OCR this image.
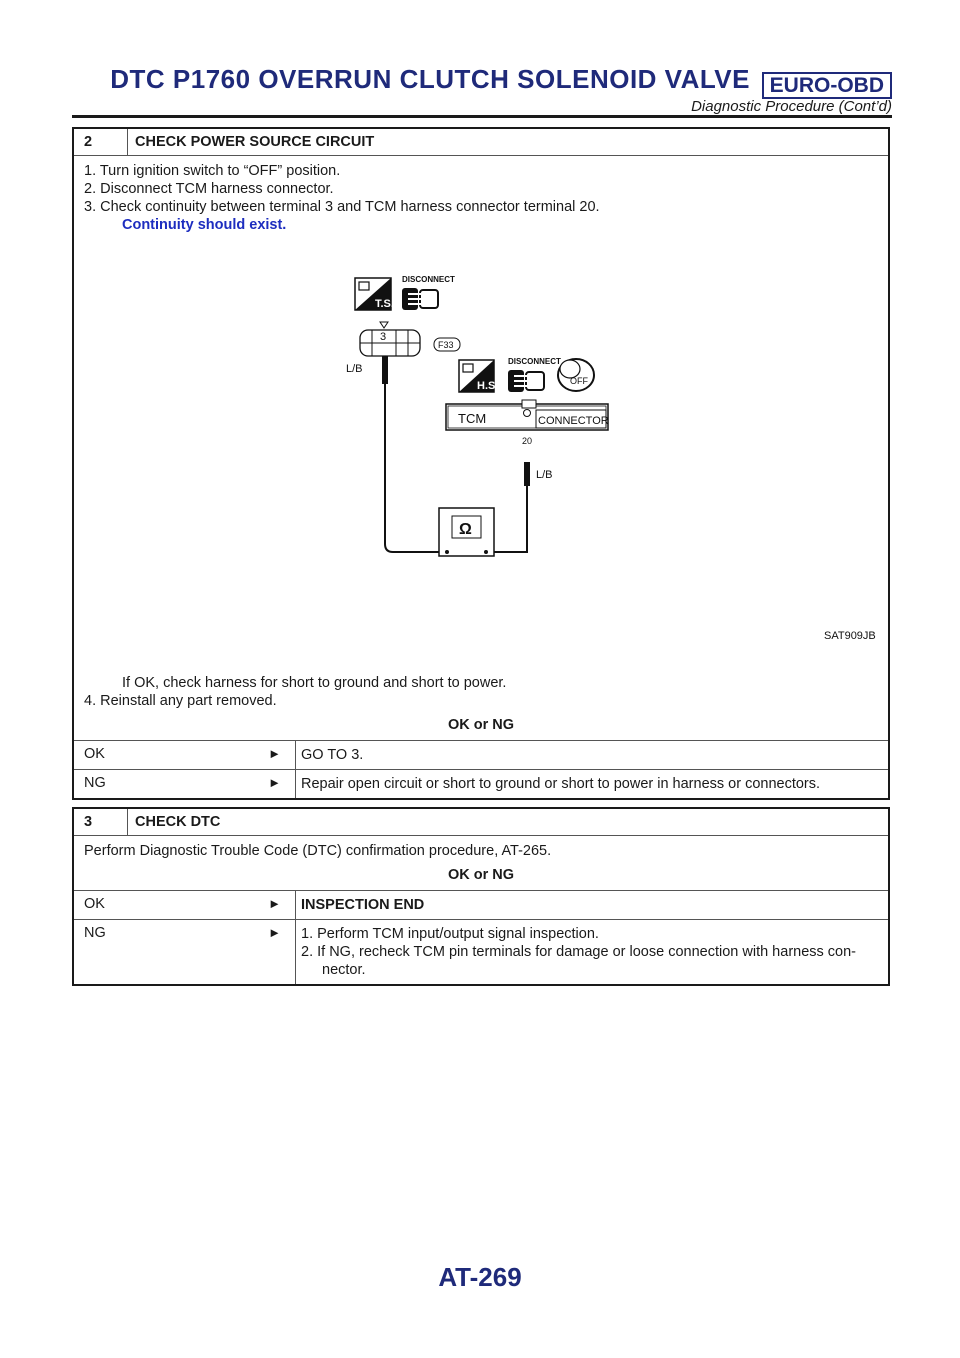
DTC P1760 OVERRUN CLUTCH SOLENOID VALVE EURO-OBD
Diagnostic Procedure (Cont’d)
2	CHECK POWER SOURCE CIRCUIT
1. Turn ignition switch to “OFF” position.
2. Disconnect TCM harness connector.
3. Check continuity between terminal 3 and TCM harness connector terminal 20.
Continuity should exist.
T.S.
DISCONNECT
3
F33
L/B
H.S.
DISCONNECT
OFF
TCM	CONNECTOR
20
L/B
Ω
SAT909JB
If OK, check harness for short to ground and short to power.
4. Reinstall any part removed.
OK or NG
OK	►	GO TO 3.
NG	►	Repair open circuit or short to ground or short to power in harness or connectors.
3	CHECK DTC
Perform Diagnostic Trouble Code (DTC) confirmation procedure, AT-265.
OK or NG
OK	►	INSPECTION END
NG	►	1. Perform TCM input/output signal inspection.
2. If NG, recheck TCM pin terminals for damage or loose connection with harness con-
nector.
AT-269
